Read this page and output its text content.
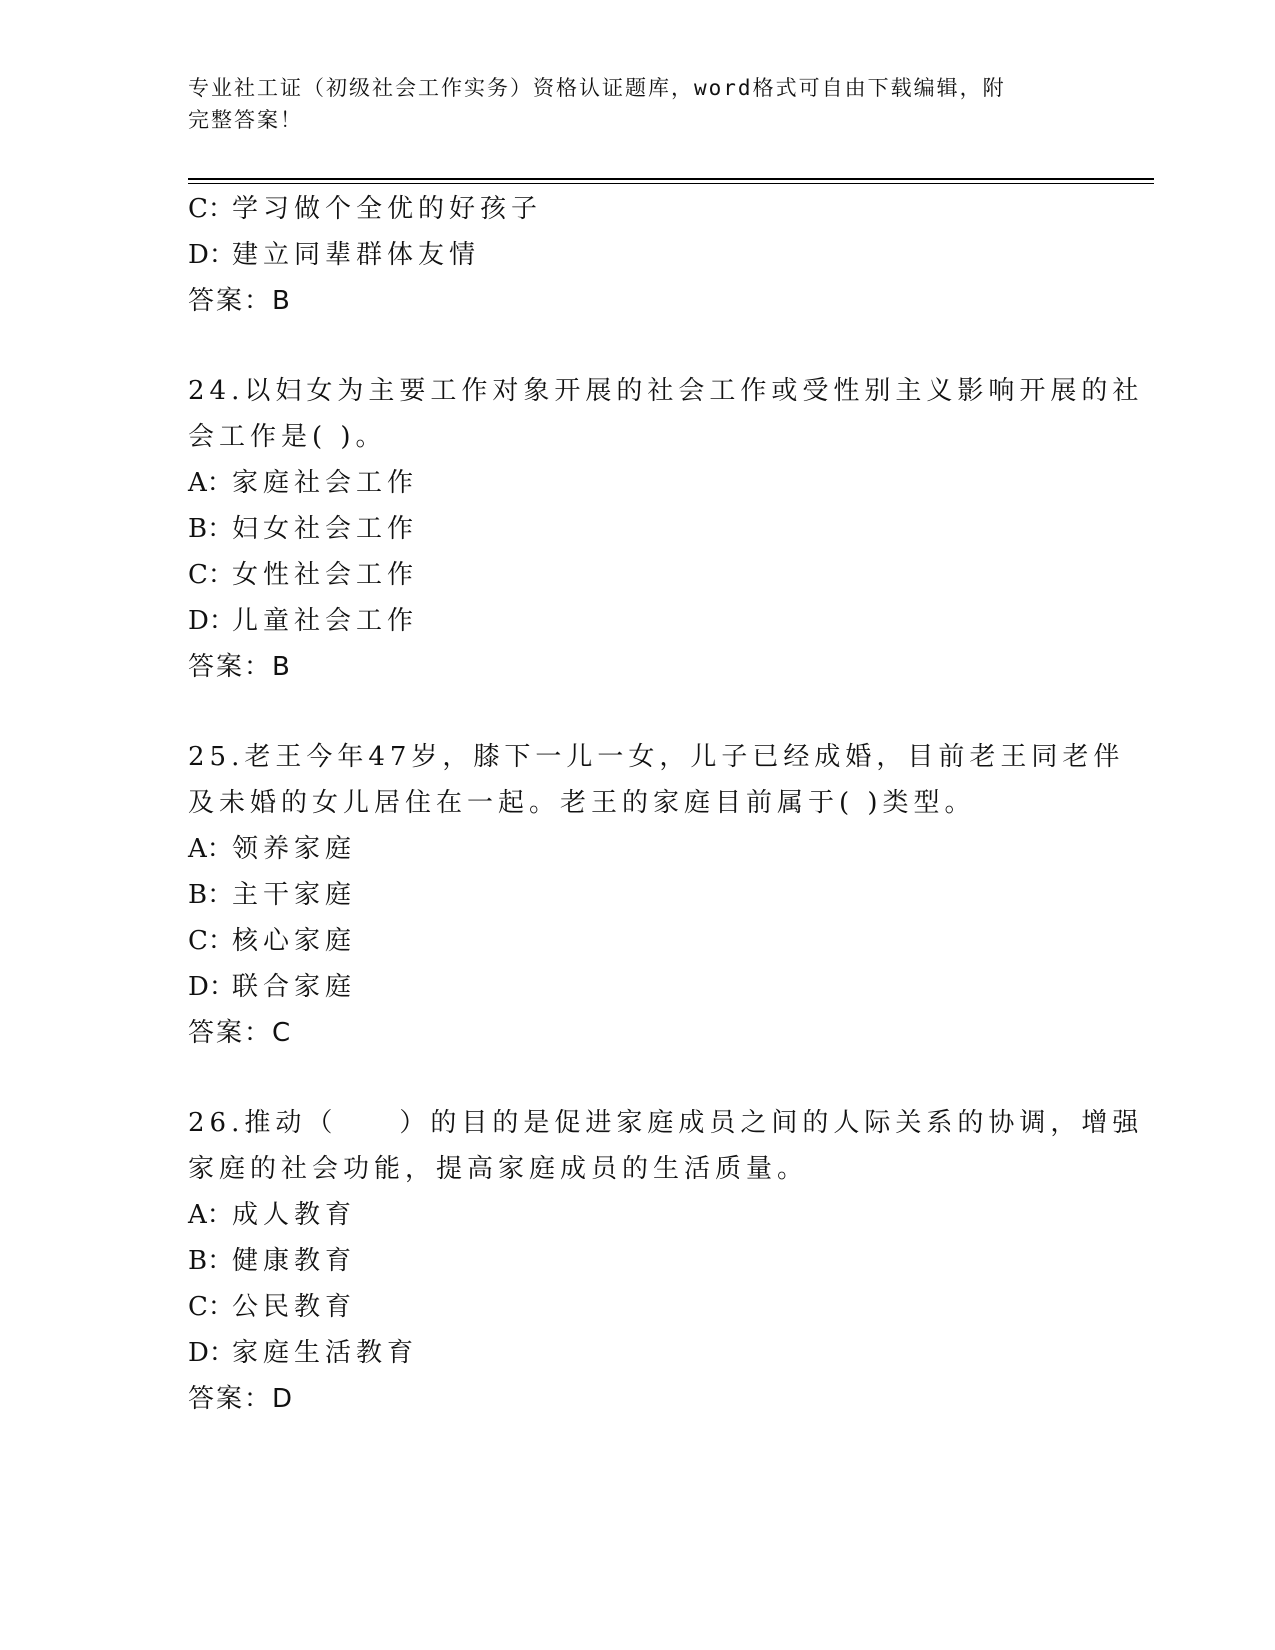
专业社工证（初级社会工作实务）资格认证题库，word格式可自由下载编辑，附
完整答案！
C：学习做个全优的好孩子
D：建立同辈群体友情
答案：B
24.以妇女为主要工作对象开展的社会工作或受性别主义影响开展的社
会工作是( )。
A：家庭社会工作
B：妇女社会工作
C：女性社会工作
D：儿童社会工作
答案：B
25.老王今年47岁，膝下一儿一女，儿子已经成婚，目前老王同老伴
及未婚的女儿居住在一起。老王的家庭目前属于( )类型。
A：领养家庭
B：主干家庭
C：核心家庭
D：联合家庭
答案：C
26.推动（　　）的目的是促进家庭成员之间的人际关系的协调，增强
家庭的社会功能，提高家庭成员的生活质量。
A：成人教育
B：健康教育
C：公民教育
D：家庭生活教育
答案：D
